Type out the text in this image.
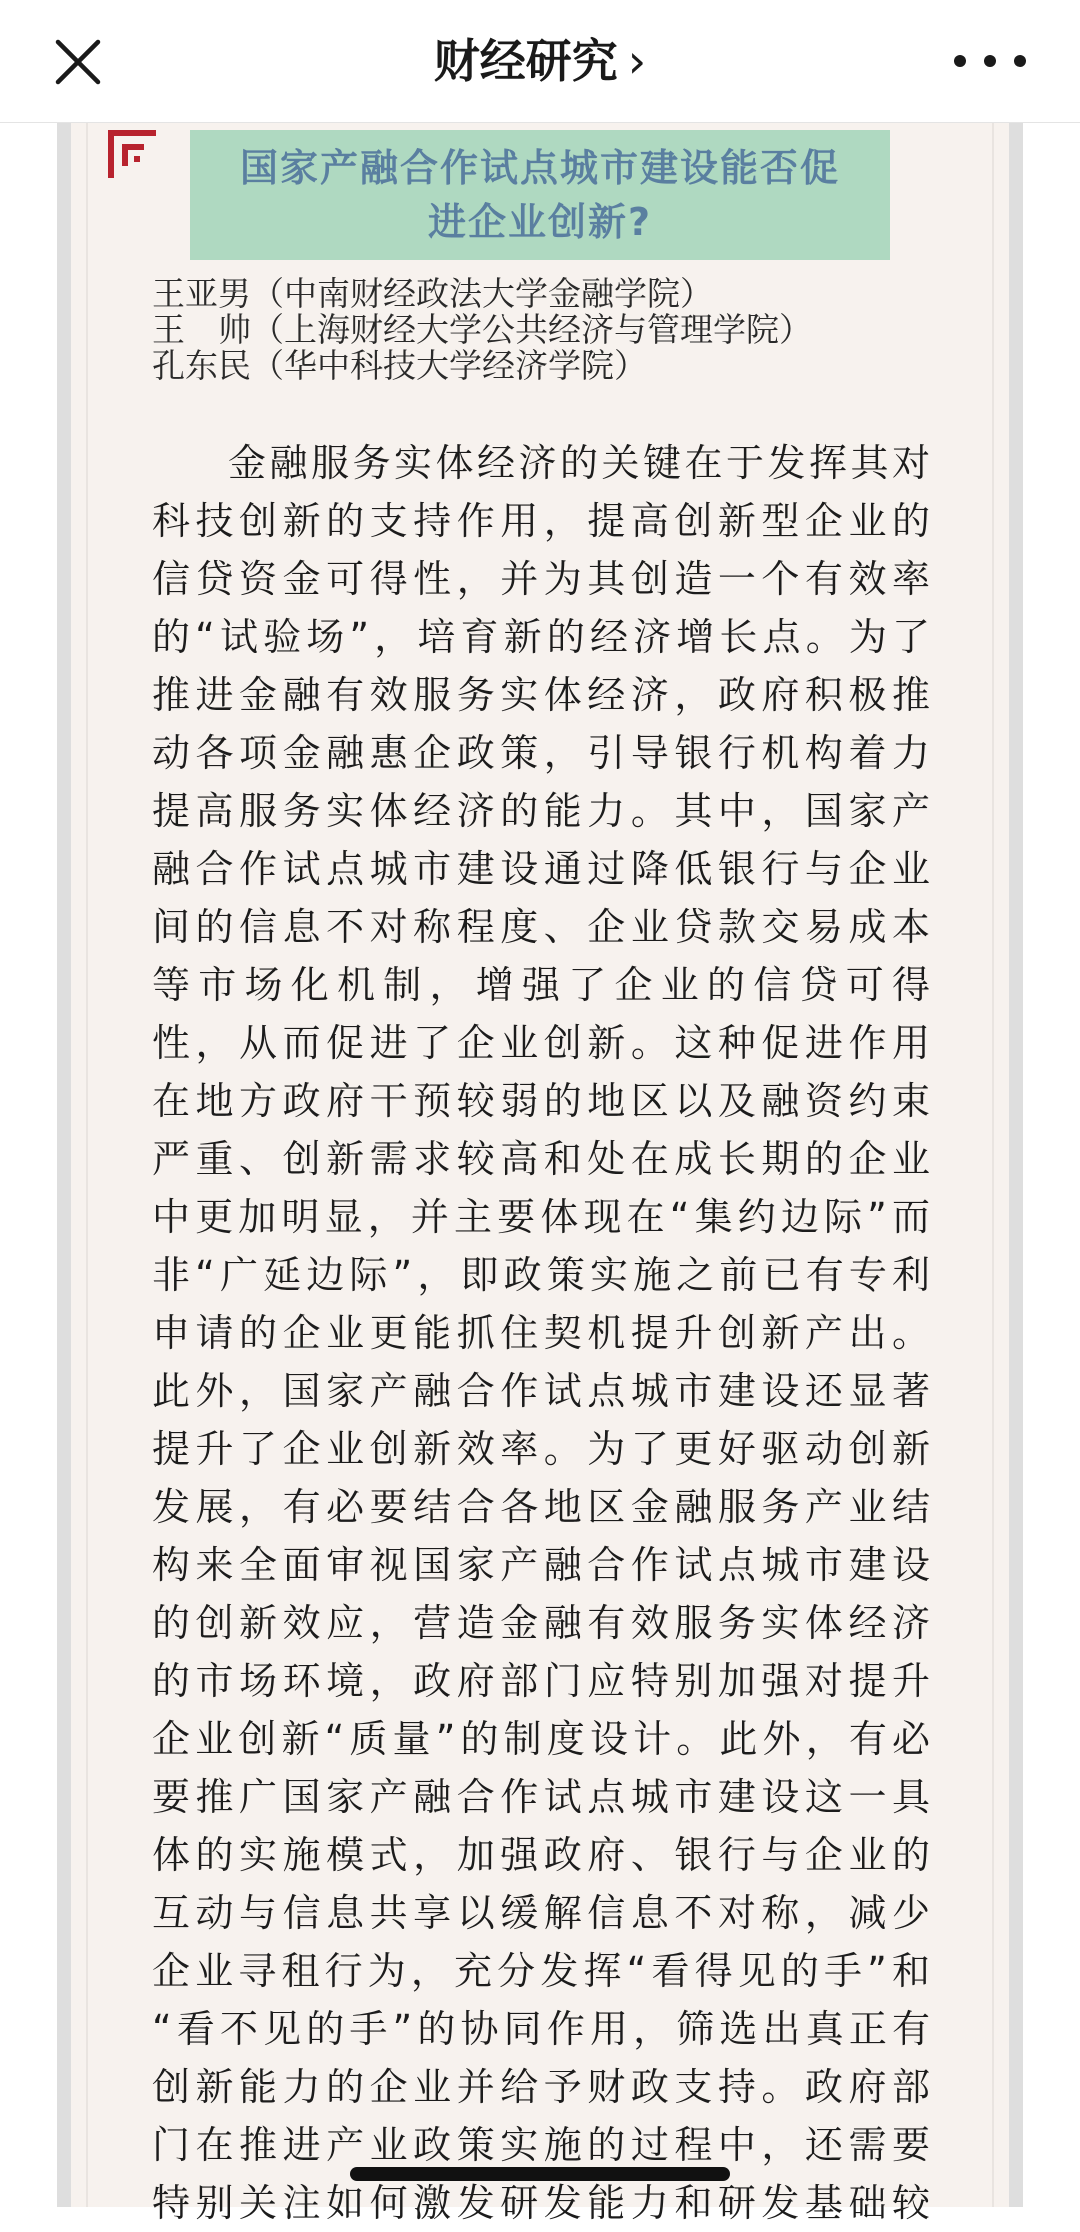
财经研究 ›
国家产融合作试点城市建设能否促
进企业创新?
王亚男（中南财经政法大学金融学院）
王　帅（上海财经大学公共经济与管理学院）
孔东民（华中科技大学经济学院）
金融服务实体经济的关键在于发挥其对
科技创新的支持作用，提高创新型企业的
信贷资金可得性，并为其创造一个有效率
的“试验场”，培育新的经济增长点。为了
推进金融有效服务实体经济，政府积极推
动各项金融惠企政策，引导银行机构着力
提高服务实体经济的能力。其中，国家产
融合作试点城市建设通过降低银行与企业
间的信息不对称程度、企业贷款交易成本
等市场化机制，增强了企业的信贷可得
性，从而促进了企业创新。这种促进作用
在地方政府干预较弱的地区以及融资约束
严重、创新需求较高和处在成长期的企业
中更加明显，并主要体现在“集约边际”而
非“广延边际”，即政策实施之前已有专利
申请的企业更能抓住契机提升创新产出。
此外，国家产融合作试点城市建设还显著
提升了企业创新效率。为了更好驱动创新
发展，有必要结合各地区金融服务产业结
构来全面审视国家产融合作试点城市建设
的创新效应，营造金融有效服务实体经济
的市场环境，政府部门应特别加强对提升
企业创新“质量”的制度设计。此外，有必
要推广国家产融合作试点城市建设这一具
体的实施模式，加强政府、银行与企业的
互动与信息共享以缓解信息不对称，减少
企业寻租行为，充分发挥“看得见的手”和
“看不见的手”的协同作用，筛选出真正有
创新能力的企业并给予财政支持。政府部
门在推进产业政策实施的过程中，还需要
特别关注如何激发研发能力和研发基础较
